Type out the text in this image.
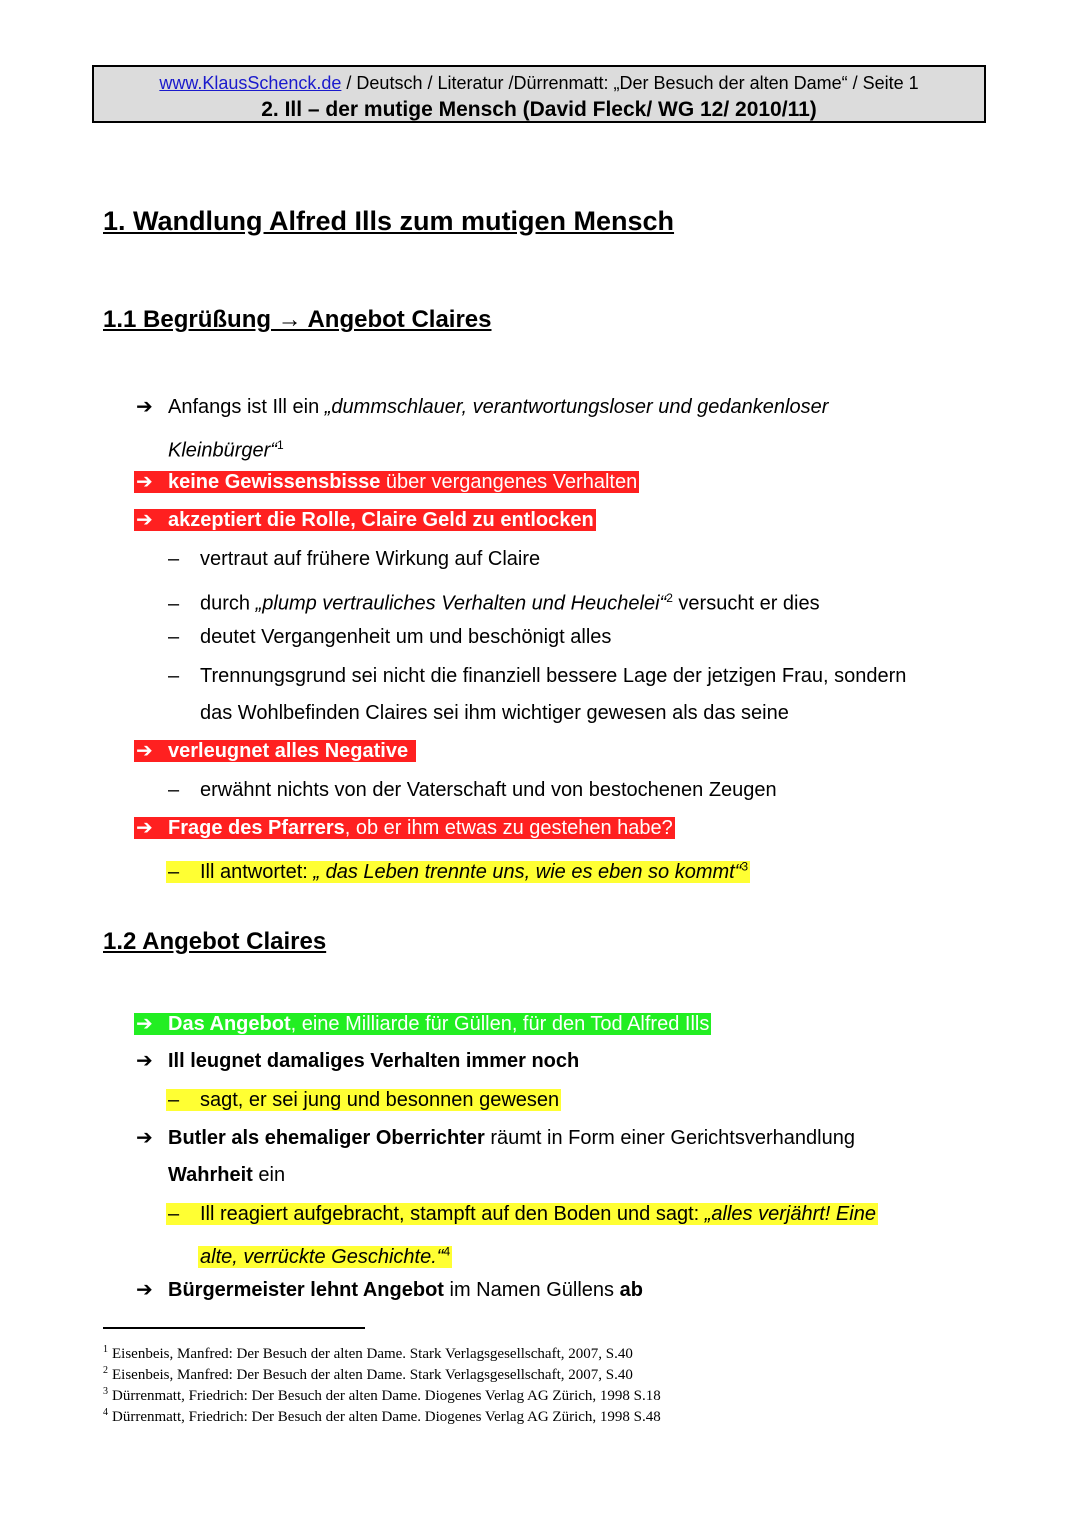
www.KlausSchenck.de / Deutsch / Literatur /Dürrenmatt: „Der Besuch der alten Dame“ / Seite 1
2. Ill – der mutige Mensch (David Fleck/ WG 12/ 2010/11)
1. Wandlung Alfred Ills zum mutigen Mensch
1.1 Begrüßung → Angebot Claires
➔ Anfangs ist Ill ein „dummschlauer, verantwortungsloser und gedankenloser
Kleinbürger“$^1$
➔ keine Gewissensbisse über vergangenes Verhalten
➔ akzeptiert die Rolle, Claire Geld zu entlocken
– vertraut auf frühere Wirkung auf Claire
– durch „plump vertrauliches Verhalten und Heuchelei“$^2$ versucht er dies
– deutet Vergangenheit um und beschönigt alles
– Trennungsgrund sei nicht die finanziell bessere Lage der jetzigen Frau, sondern
das Wohlbefinden Claires sei ihm wichtiger gewesen als das seine
➔ verleugnet alles Negative
– erwähnt nichts von der Vaterschaft und von bestochenen Zeugen
➔ Frage des Pfarrers, ob er ihm etwas zu gestehen habe?
– Ill antwortet: „ das Leben trennte uns, wie es eben so kommt“$^3$
1.2 Angebot Claires
➔ Das Angebot, eine Milliarde für Güllen, für den Tod Alfred Ills
➔ Ill leugnet damaliges Verhalten immer noch
– sagt, er sei jung und besonnen gewesen
➔ Butler als ehemaliger Oberrichter räumt in Form einer Gerichtsverhandlung
Wahrheit ein
– Ill reagiert aufgebracht, stampft auf den Boden und sagt: „alles verjährt! Eine
alte, verrückte Geschichte.“$^4$
➔ Bürgermeister lehnt Angebot im Namen Güllens ab
$^1$ Eisenbeis, Manfred: Der Besuch der alten Dame. Stark Verlagsgesellschaft, 2007, S.40
$^2$ Eisenbeis, Manfred: Der Besuch der alten Dame. Stark Verlagsgesellschaft, 2007, S.40
$^3$ Dürrenmatt, Friedrich: Der Besuch der alten Dame. Diogenes Verlag AG Zürich, 1998 S.18
$^4$ Dürrenmatt, Friedrich: Der Besuch der alten Dame. Diogenes Verlag AG Zürich, 1998 S.48
